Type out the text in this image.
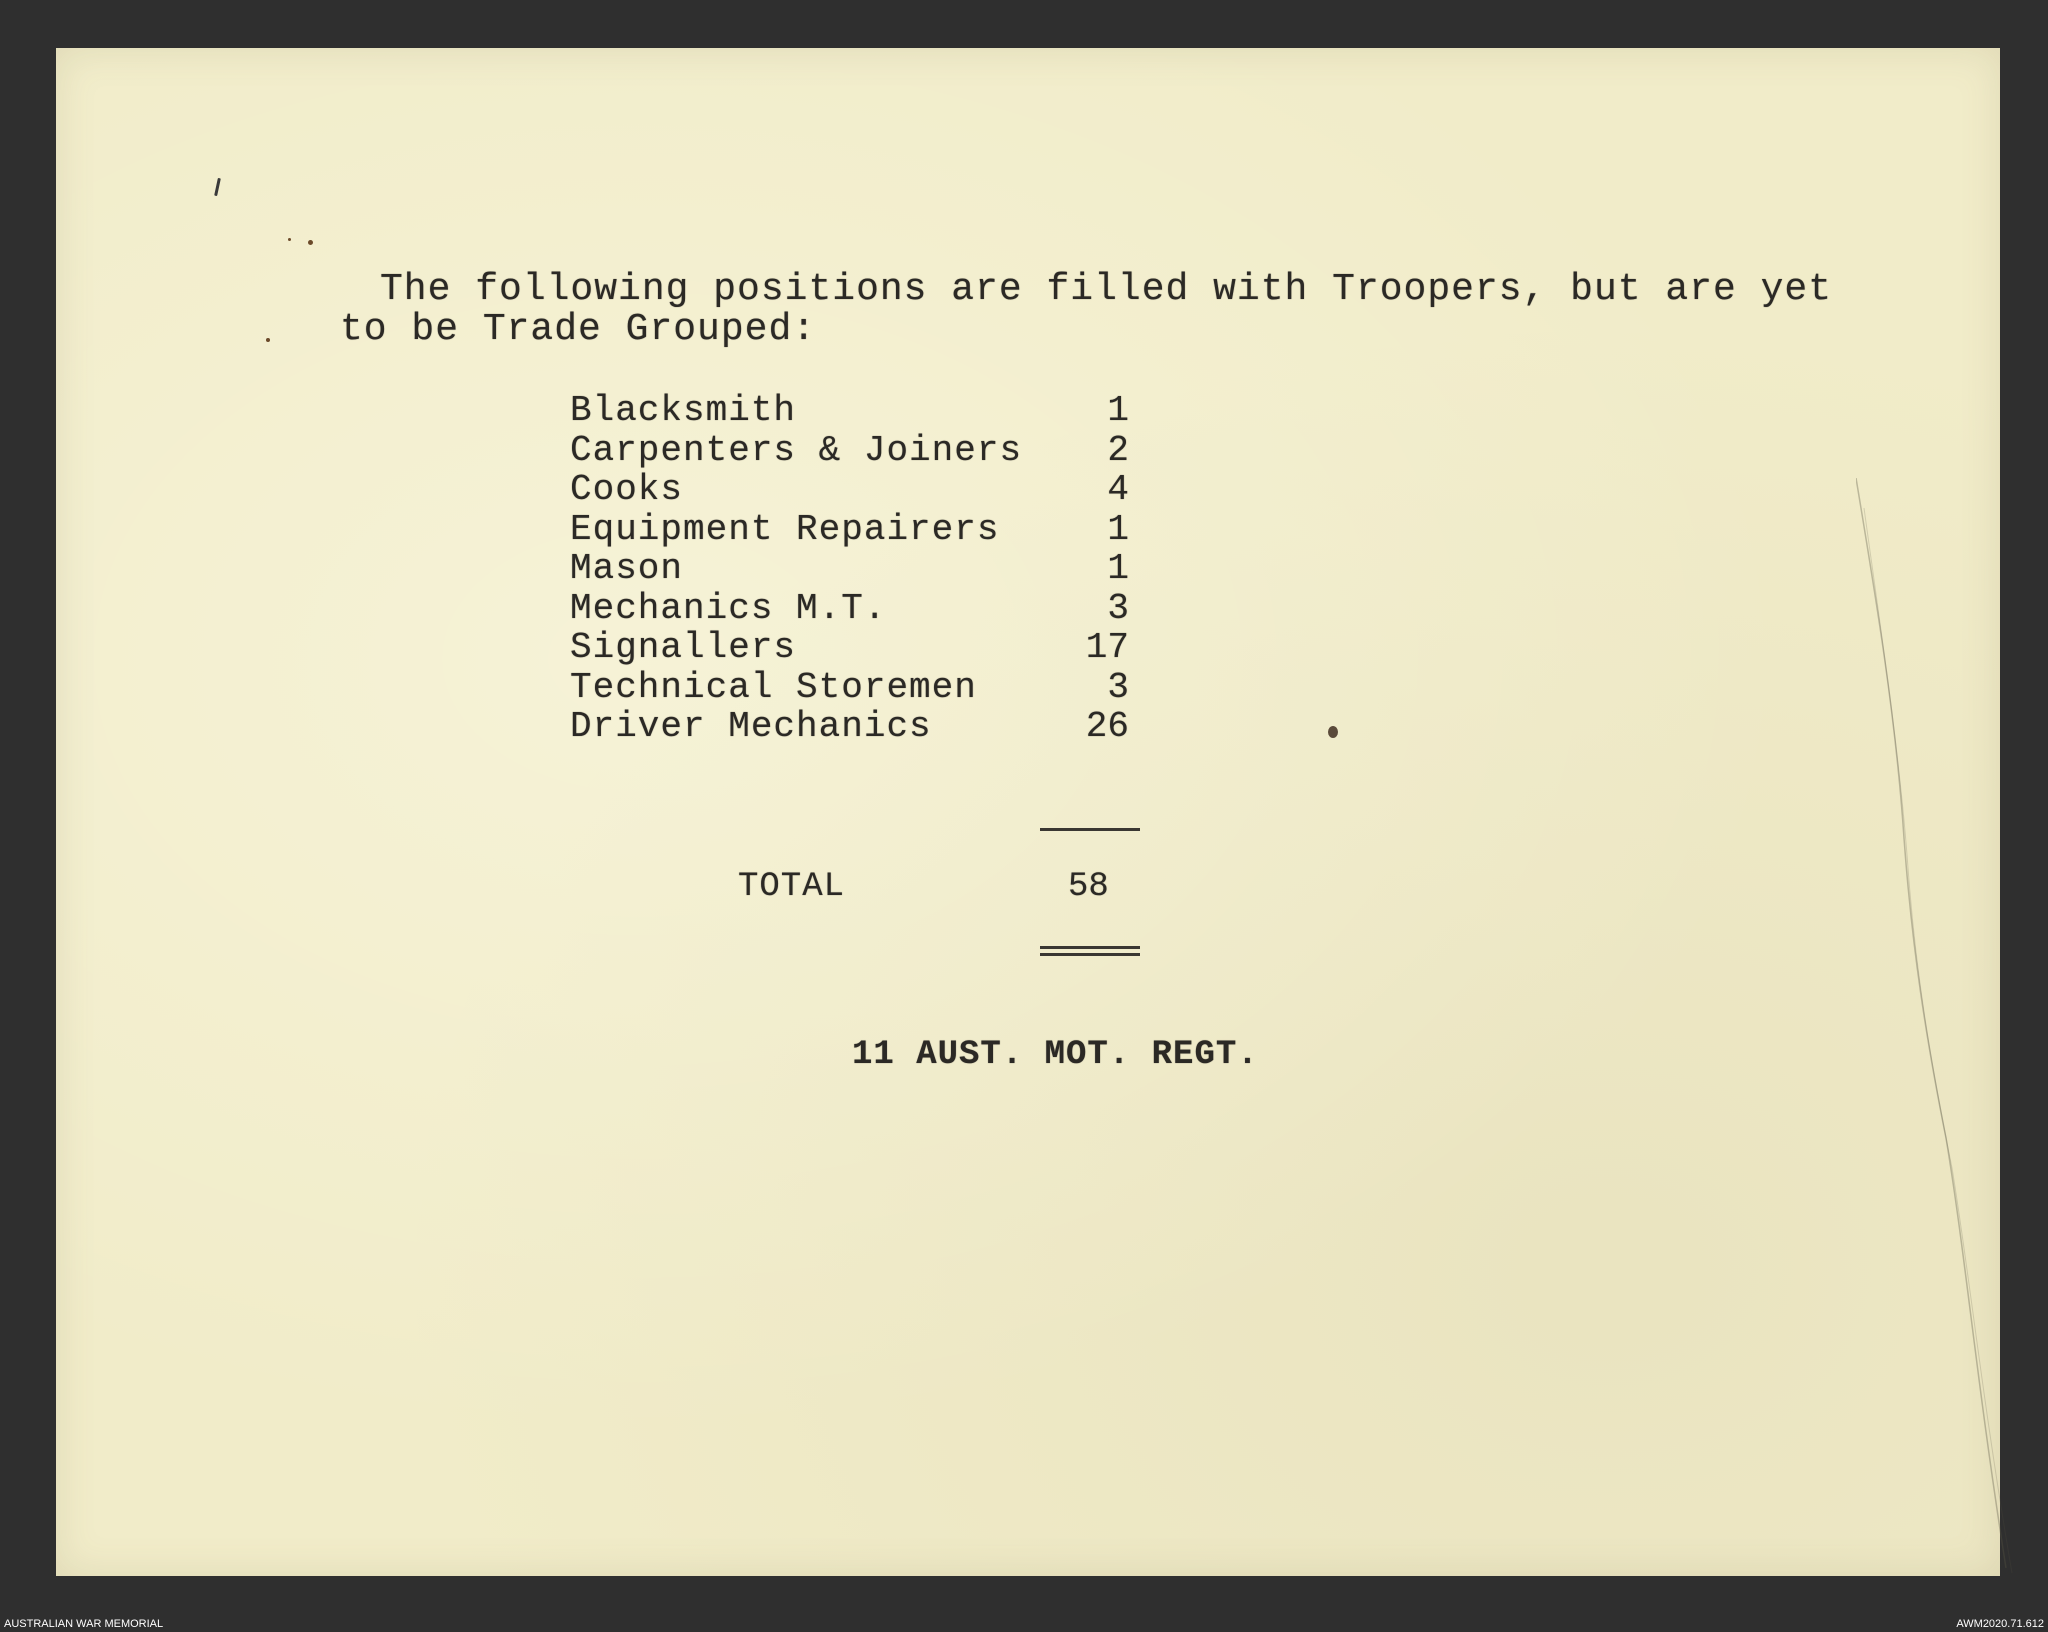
The following positions are filled with Troopers, but are yet
to be Trade Grouped:
Blacksmith	1
Carpenters & Joiners	2
Cooks	4
Equipment Repairers	1
Mason	1
Mechanics M.T.	3
Signallers	17
Technical Storemen	3
Driver Mechanics	26
TOTAL	58
11 AUST. MOT. REGT.
AUSTRALIAN WAR MEMORIAL	AWM2020.71.612
